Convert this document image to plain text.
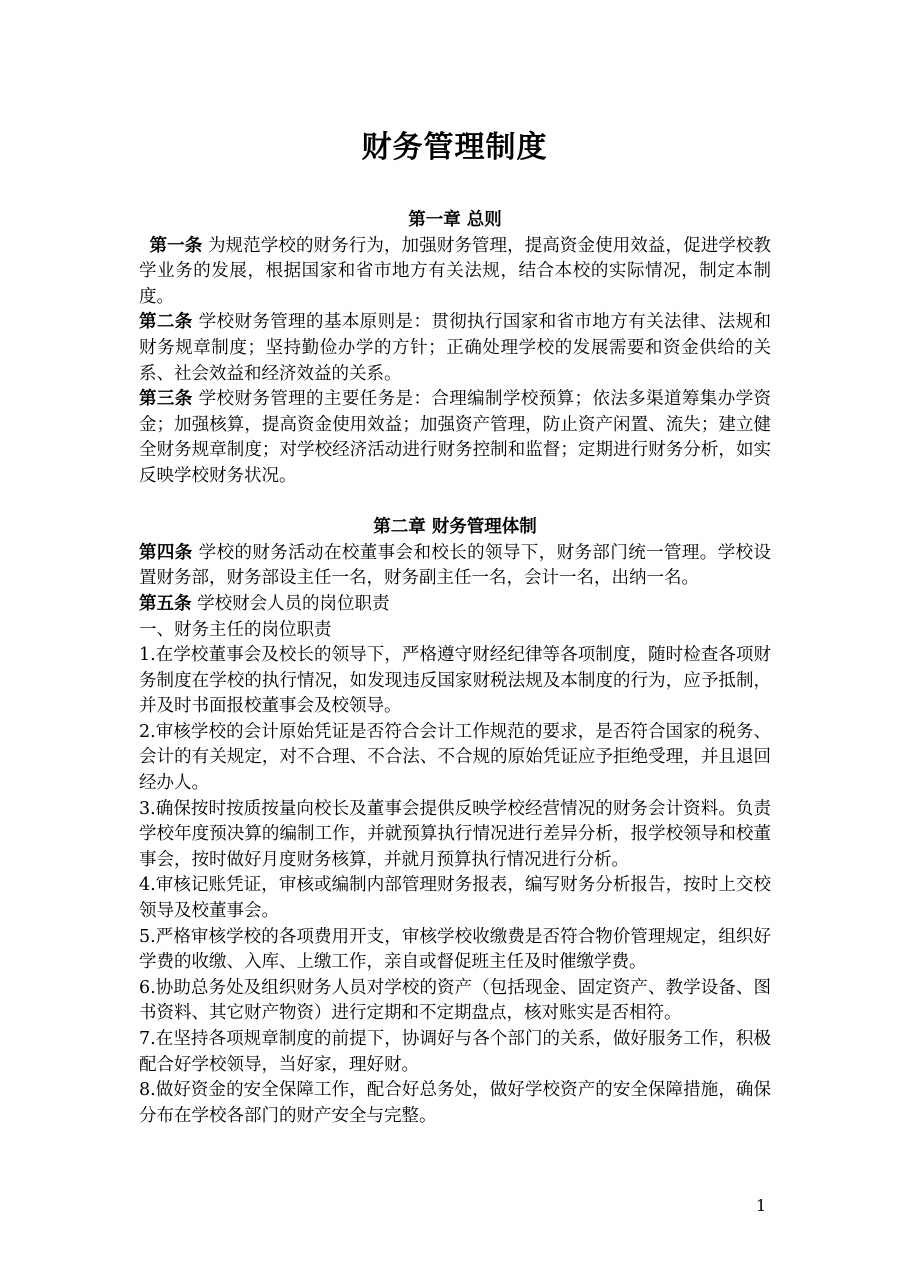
财务管理制度
第一章 总则

第一条 为规范学校的财务行为，加强财务管理，提高资金使用效益，促进学校教学业务的发展，根据国家和省市地方有关法规，结合本校的实际情况，制定本制度。

第二条 学校财务管理的基本原则是：贯彻执行国家和省市地方有关法律、法规和财务规章制度；坚持勤俭办学的方针；正确处理学校的发展需要和资金供给的关系、社会效益和经济效益的关系。

第三条 学校财务管理的主要任务是：合理编制学校预算；依法多渠道筹集办学资金；加强核算，提高资金使用效益；加强资产管理，防止资产闲置、流失；建立健全财务规章制度；对学校经济活动进行财务控制和监督；定期进行财务分析，如实反映学校财务状况。

第二章 财务管理体制

第四条 学校的财务活动在校董事会和校长的领导下，财务部门统一管理。学校设置财务部，财务部设主任一名，财务副主任一名，会计一名，出纳一名。

第五条 学校财会人员的岗位职责

一、财务主任的岗位职责

1.在学校董事会及校长的领导下，严格遵守财经纪律等各项制度，随时检查各项财务制度在学校的执行情况，如发现违反国家财税法规及本制度的行为，应予抵制，并及时书面报校董事会及校领导。

2.审核学校的会计原始凭证是否符合会计工作规范的要求，是否符合国家的税务、会计的有关规定，对不合理、不合法、不合规的原始凭证应予拒绝受理，并且退回经办人。

3.确保按时按质按量向校长及董事会提供反映学校经营情况的财务会计资料。负责学校年度预决算的编制工作，并就预算执行情况进行差异分析，报学校领导和校董事会，按时做好月度财务核算，并就月预算执行情况进行分析。

4.审核记账凭证，审核或编制内部管理财务报表，编写财务分析报告，按时上交校领导及校董事会。

5.严格审核学校的各项费用开支，审核学校收缴费是否符合物价管理规定，组织好学费的收缴、入库、上缴工作，亲自或督促班主任及时催缴学费。

6.协助总务处及组织财务人员对学校的资产（包括现金、固定资产、教学设备、图书资料、其它财产物资）进行定期和不定期盘点，核对账实是否相符。

7.在坚持各项规章制度的前提下，协调好与各个部门的关系，做好服务工作，积极配合好学校领导，当好家，理好财。

8.做好资金的安全保障工作，配合好总务处，做好学校资产的安全保障措施，确保分布在学校各部门的财产安全与完整。

1
